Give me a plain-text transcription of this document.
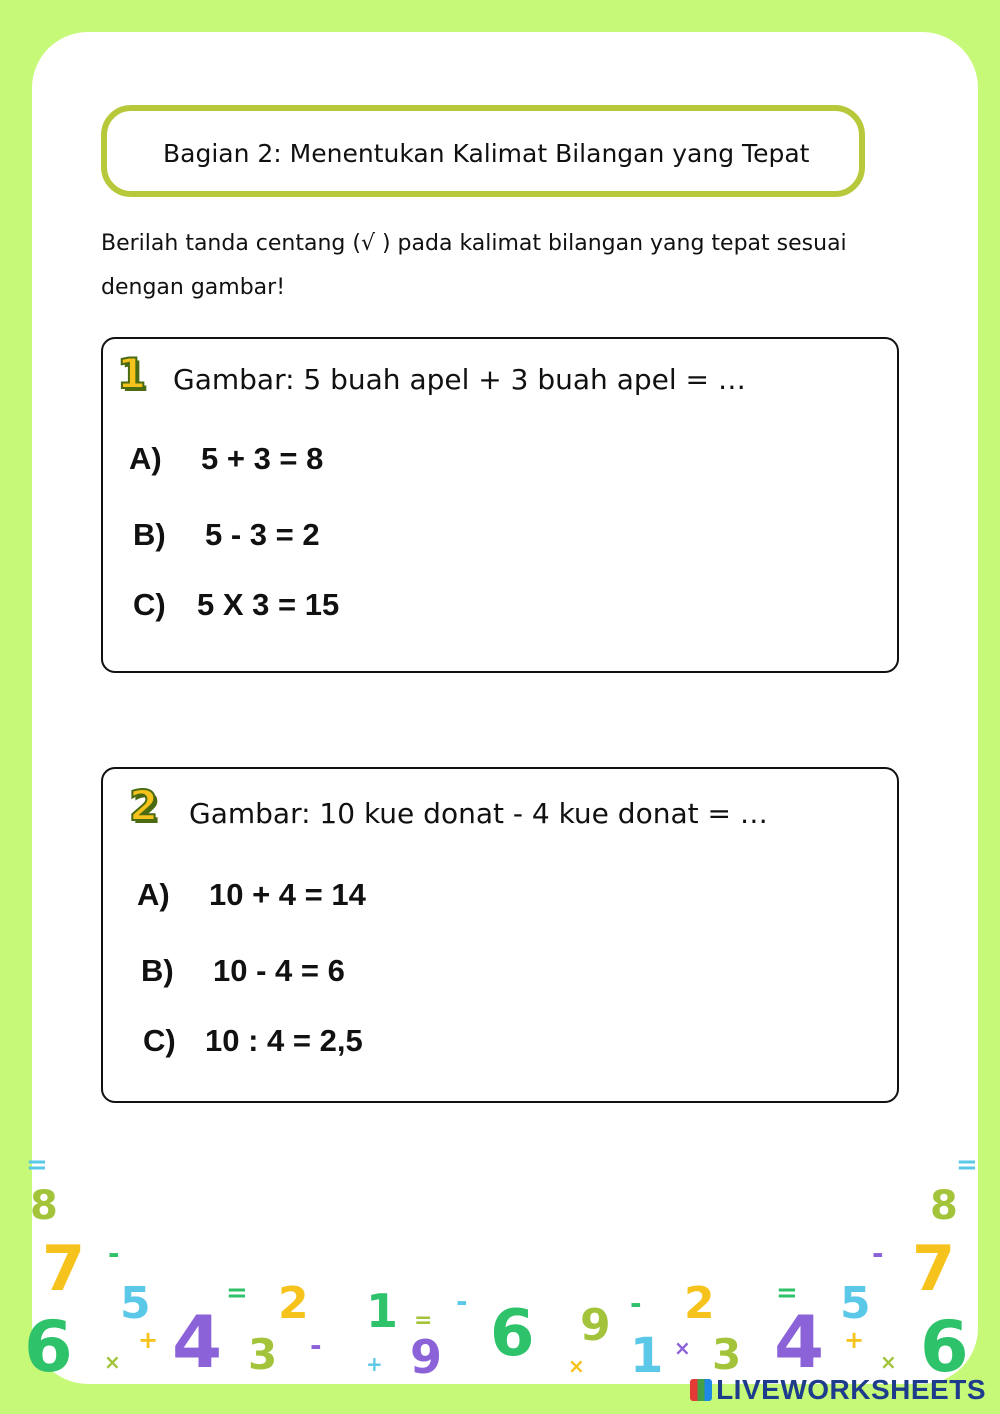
Bagian 2: Menentukan Kalimat Bilangan yang Tepat
Berilah tanda centang (√ ) pada kalimat bilangan yang tepat sesuai
dengan gambar!
1 Gambar: 5 buah apel + 3 buah apel = …
A) 5 + 3 = 8
B) 5 - 3 = 2
C) 5 X 3 = 15
2 Gambar: 10 kue donat - 4 kue donat = …
A) 10 + 4 = 14
B) 10 - 4 = 6
C) 10 : 4 = 2,5
=
8
7 -
5
6	+ 4
= 2
3 -
1 =
9
+
- 6 9 -
1
2
3
=
4 5
+
- 7
8
=
6
×	×
×
×
LIVEWORKSHEETS
